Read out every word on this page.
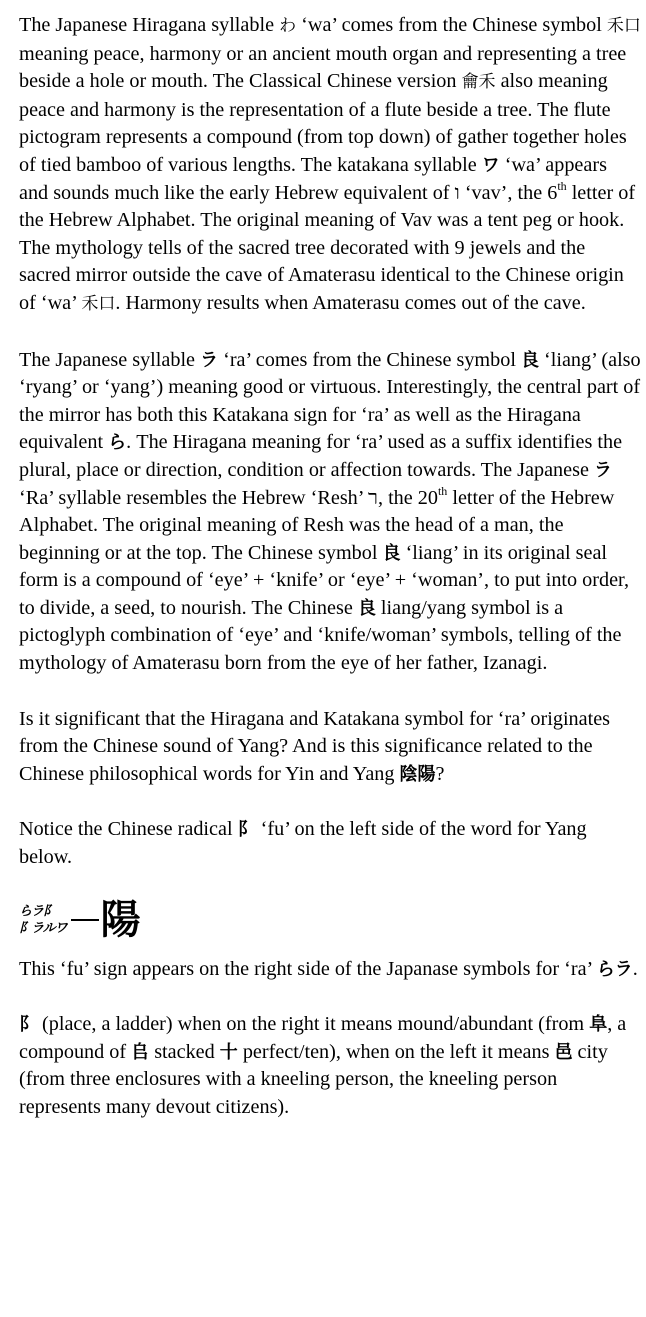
The Japanese Hiragana syllable わ ‘wa’ comes from the Chinese symbol 禾口 meaning peace, harmony or an ancient mouth organ and representing a tree beside a hole or mouth. The Classical Chinese version 龠禾 also meaning peace and harmony is the representation of a flute beside a tree. The flute pictogram represents a compound (from top down) of gather together holes of tied bamboo of various lengths. The katakana syllable ワ ‘wa’ appears and sounds much like the early Hebrew equivalent of ו ‘vav’, the 6th letter of the Hebrew Alphabet. The original meaning of Vav was a tent peg or hook. The mythology tells of the sacred tree decorated with 9 jewels and the sacred mirror outside the cave of Amaterasu identical to the Chinese origin of ‘wa’ 禾口. Harmony results when Amaterasu comes out of the cave.

The Japanese syllable ラ ‘ra’ comes from the Chinese symbol 良 ‘liang’ (also ‘ryang’ or ‘yang’) meaning good or virtuous. Interestingly, the central part of the mirror has both this Katakana sign for ‘ra’ as well as the Hiragana equivalent ら. The Hiragana meaning for ‘ra’ used as a suffix identifies the plural, place or direction, condition or affection towards. The Japanese ラ ‘Ra’ syllable resembles the Hebrew ‘Resh’ ר, the 20th letter of the Hebrew Alphabet. The original meaning of Resh was the head of a man, the beginning or at the top. The Chinese symbol 良 ‘liang’ in its original seal form is a compound of ‘eye’ + ‘knife’ or ‘eye’ + ‘woman’, to put into order, to divide, a seed, to nourish. The Chinese 良 liang/yang symbol is a pictoglyph combination of ‘eye’ and ‘knife/woman’ symbols, telling of the mythology of Amaterasu born from the eye of her father, Izanagi.

Is it significant that the Hiragana and Katakana symbol for ‘ra’ originates from the Chinese sound of Yang? And is this significance related to the Chinese philosophical words for Yin and Yang 陰陽?

Notice the Chinese radical 阝 ‘fu’ on the left side of the word for Yang below.

らラ阝
阝ラルワ 陽

This ‘fu’ sign appears on the right side of the Japanase symbols for ‘ra’ らラ.

阝 (place, a ladder) when on the right it means mound/abundant (from 阜, a compound of 𠂤 stacked 十 perfect/ten), when on the left it means 邑 city (from three enclosures with a kneeling person, the kneeling person represents many devout citizens).
